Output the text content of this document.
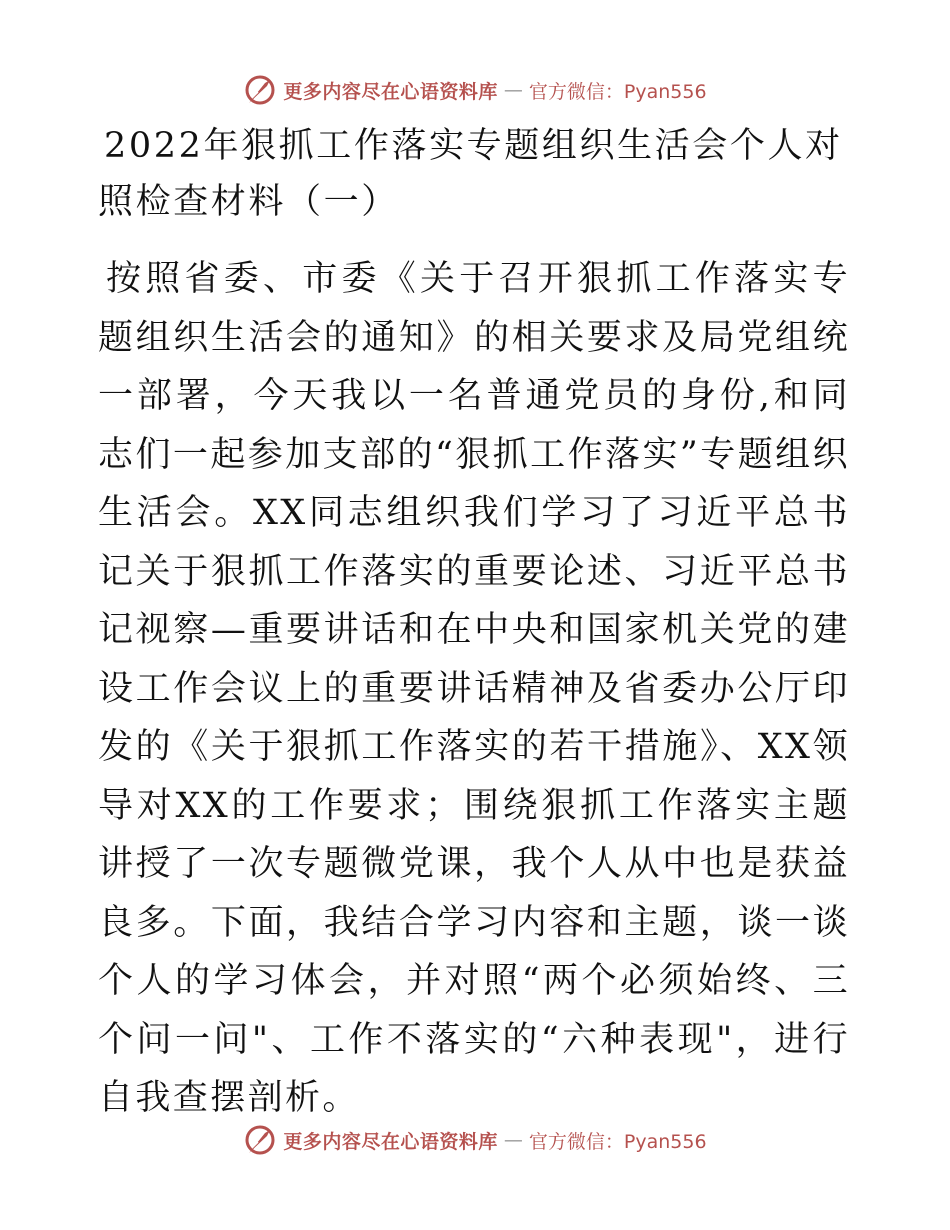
更多内容尽在心语资料库 — 官方微信：Pyan556
2022年狠抓工作落实专题组织生活会个人对照检查材料（一）

按照省委、市委《关于召开狠抓工作落实专题组织生活会的通知》的相关要求及局党组统一部署，今天我以一名普通党员的身份,和同志们一起参加支部的“狠抓工作落实”专题组织生活会。XX同志组织我们学习了习近平总书记关于狠抓工作落实的重要论述、习近平总书记视察—重要讲话和在中央和国家机关党的建设工作会议上的重要讲话精神及省委办公厅印发的《关于狠抓工作落实的若干措施》、XX领导对XX的工作要求；围绕狠抓工作落实主题讲授了一次专题微党课，我个人从中也是获益良多。下面，我结合学习内容和主题，谈一谈个人的学习体会，并对照“两个必须始终、三个问一问"、工作不落实的“六种表现"，进行自我查摆剖析。

更多内容尽在心语资料库 — 官方微信：Pyan556
